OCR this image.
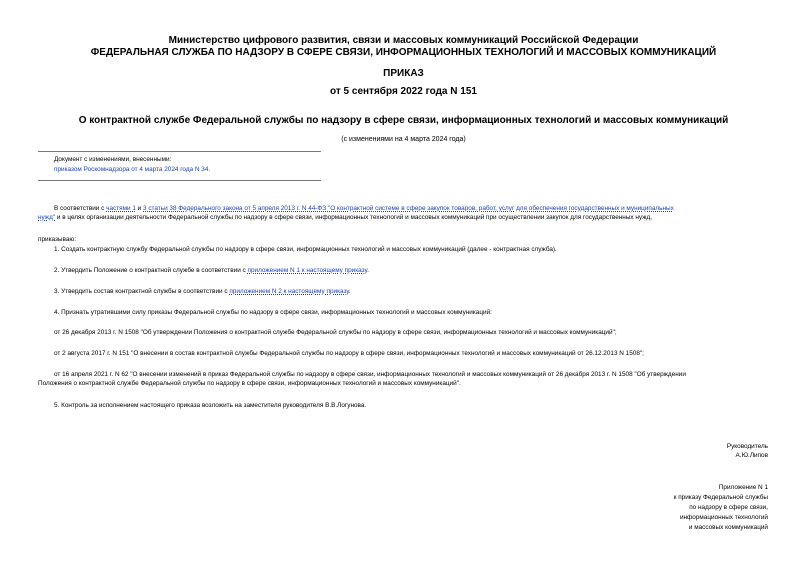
Министерство цифрового развития, связи и массовых коммуникаций Российской Федерации
ФЕДЕРАЛЬНАЯ СЛУЖБА ПО НАДЗОРУ В СФЕРЕ СВЯЗИ, ИНФОРМАЦИОННЫХ ТЕХНОЛОГИЙ И МАССОВЫХ КОММУНИКАЦИЙ
ПРИКАЗ
от 5 сентября 2022 года N 151
О контрактной службе Федеральной службы по надзору в сфере связи, информационных технологий и массовых коммуникаций
(с изменениями на 4 марта 2024 года)
Документ с изменениями, внесенными:
приказом Роскомнадзора от 4 марта 2024 года N 34.
В соответствии с частями 1 и 3 статьи 38 Федерального закона от 5 апреля 2013 г. N 44-ФЗ "О контрактной системе в сфере закупок товаров, работ, услуг для обеспечения государственных и муниципальных
нужд" и в целях организации деятельности Федеральной службы по надзору в сфере связи, информационных технологий и массовых коммуникаций при осуществлении закупок для государственных нужд,
приказываю:
1. Создать контрактную службу Федеральной службы по надзору в сфере связи, информационных технологий и массовых коммуникаций (далее - контрактная служба).
2. Утвердить Положение о контрактной службе в соответствии с приложением N 1 к настоящему приказу.
3. Утвердить состав контрактной службы в соответствии с приложением N 2 к настоящему приказу.
4. Признать утратившими силу приказы Федеральной службы по надзору в сфере связи, информационных технологий и массовых коммуникаций:
от 26 декабря 2013 г. N 1508 "Об утверждении Положения о контрактной службе Федеральной службы по надзору в сфере связи, информационных технологий и массовых коммуникаций";
от 2 августа 2017 г. N 151 "О внесении в состав контрактной службы Федеральной службы по надзору в сфере связи, информационных технологий и массовых коммуникаций от 26.12.2013 N 1508";
от 16 апреля 2021 г. N 62 "О внесении изменений в приказ Федеральной службы по надзору в сфере связи, информационных технологий и массовых коммуникаций от 26 декабря 2013 г. N 1508 "Об утверждении
Положения о контрактной службе Федеральной службы по надзору в сфере связи, информационных технологий и массовых коммуникаций".
5. Контроль за исполнением настоящего приказа возложить на заместителя руководителя В.В.Логунова.
Руководитель
А.Ю.Липов
Приложение N 1
к приказу Федеральной службы
по надзору в сфере связи,
информационных технологий
и массовых коммуникаций
